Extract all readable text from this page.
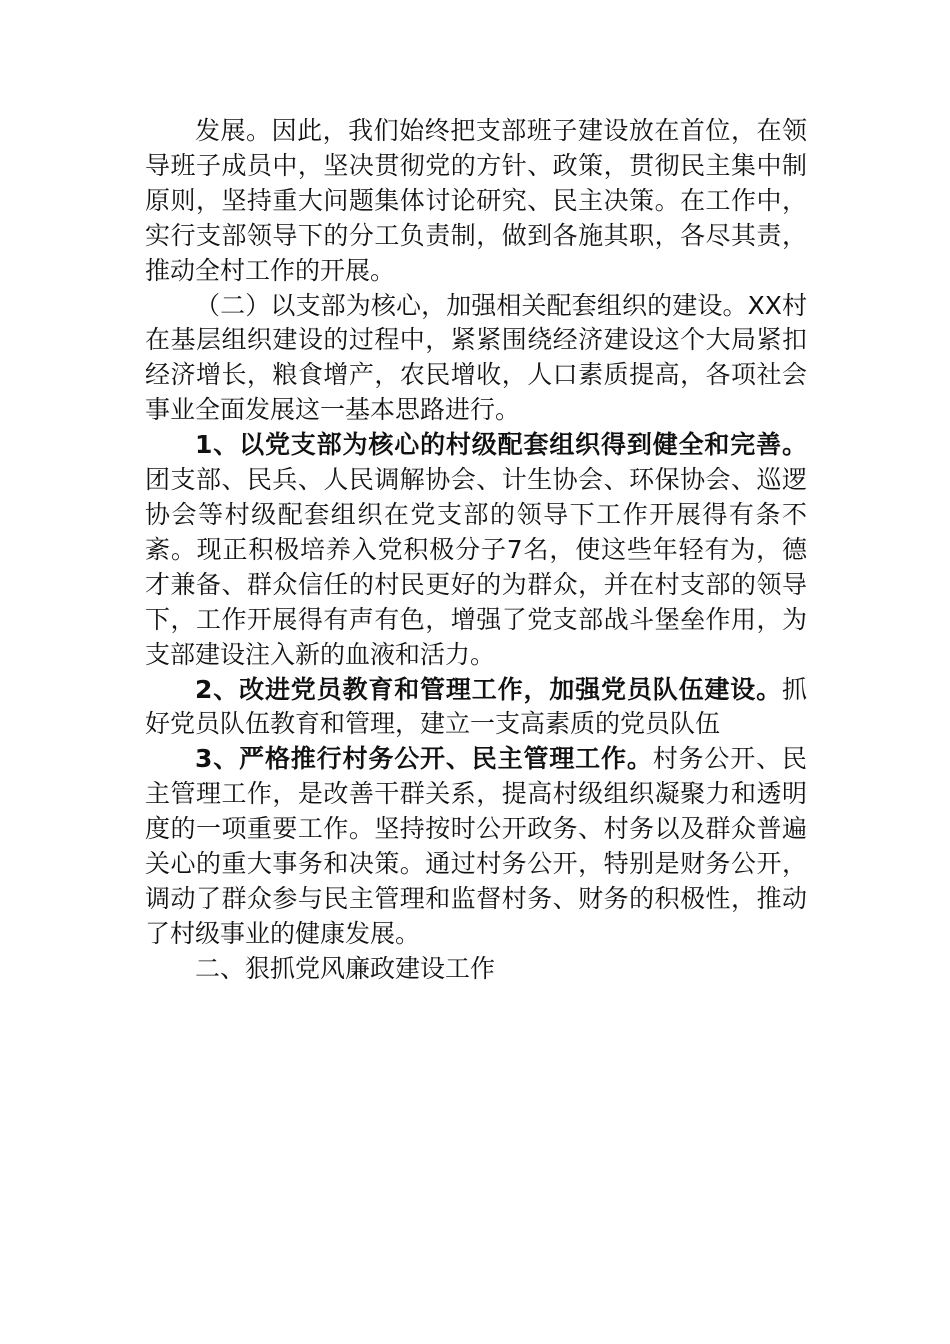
发展。因此，我们始终把支部班子建设放在首位，在领导班子成员中，坚决贯彻党的方针、政策，贯彻民主集中制原则，坚持重大问题集体讨论研究、民主决策。在工作中，实行支部领导下的分工负责制，做到各施其职，各尽其责，推动全村工作的开展。

（二）以支部为核心，加强相关配套组织的建设。XX村在基层组织建设的过程中，紧紧围绕经济建设这个大局紧扣经济增长，粮食增产，农民增收，人口素质提高，各项社会事业全面发展这一基本思路进行。

1、以党支部为核心的村级配套组织得到健全和完善。团支部、民兵、人民调解协会、计生协会、环保协会、巡逻协会等村级配套组织在党支部的领导下工作开展得有条不紊。现正积极培养入党积极分子7名，使这些年轻有为，德才兼备、群众信任的村民更好的为群众，并在村支部的领导下，工作开展得有声有色，增强了党支部战斗堡垒作用，为支部建设注入新的血液和活力。

2、改进党员教育和管理工作，加强党员队伍建设。抓好党员队伍教育和管理，建立一支高素质的党员队伍

3、严格推行村务公开、民主管理工作。村务公开、民主管理工作，是改善干群关系，提高村级组织凝聚力和透明度的一项重要工作。坚持按时公开政务、村务以及群众普遍关心的重大事务和决策。通过村务公开，特别是财务公开，调动了群众参与民主管理和监督村务、财务的积极性，推动了村级事业的健康发展。

二、狠抓党风廉政建设工作
